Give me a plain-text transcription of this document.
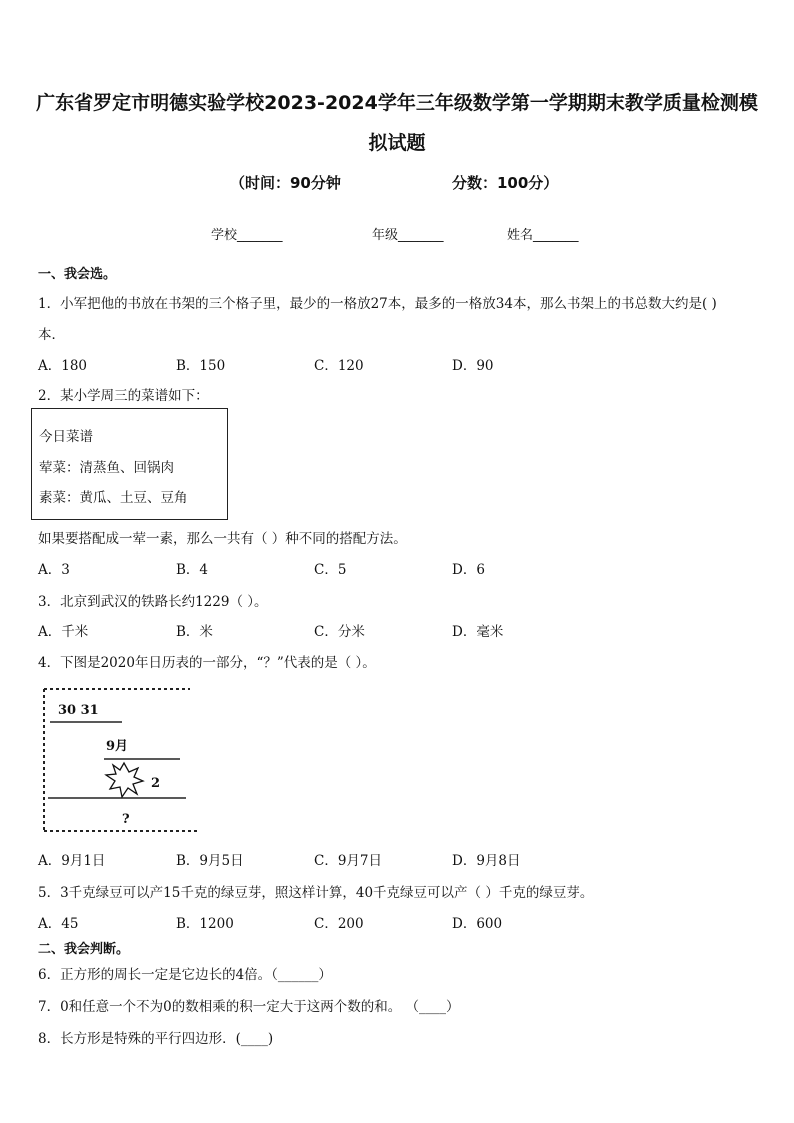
广东省罗定市明德实验学校2023-2024学年三年级数学第一学期期末教学质量检测模
拟试题
（时间：90分钟	分数：100分）
学校_______	年级_______	姓名_______
一、我会选。
1．小军把他的书放在书架的三个格子里，最少的一格放27本，最多的一格放34本，那么书架上的书总数大约是( )
本．
A．180	B．150	C．120	D．90
2．某小学周三的菜谱如下：
今日菜谱
荤菜：清蒸鱼、回锅肉
素菜：黄瓜、土豆、豆角
如果要搭配成一荤一素，那么一共有（ ）种不同的搭配方法。
A．3	B．4	C．5	D．6
3．北京到武汉的铁路长约1229（ ）。
A．千米	B．米	C．分米	D．毫米
4．下图是2020年日历表的一部分，“？”代表的是（ ）。
30 31
9月
2
?
A．9月1日	B．9月5日	C．9月7日	D．9月8日
5．3千克绿豆可以产15千克的绿豆芽，照这样计算，40千克绿豆可以产（ ）千克的绿豆芽。
A．45	B．1200	C．200	D．600
二、我会判断。
6．正方形的周长一定是它边长的4倍。（______）
7．0和任意一个不为0的数相乘的积一定大于这两个数的和。 （____）
8．长方形是特殊的平行四边形．(____)
